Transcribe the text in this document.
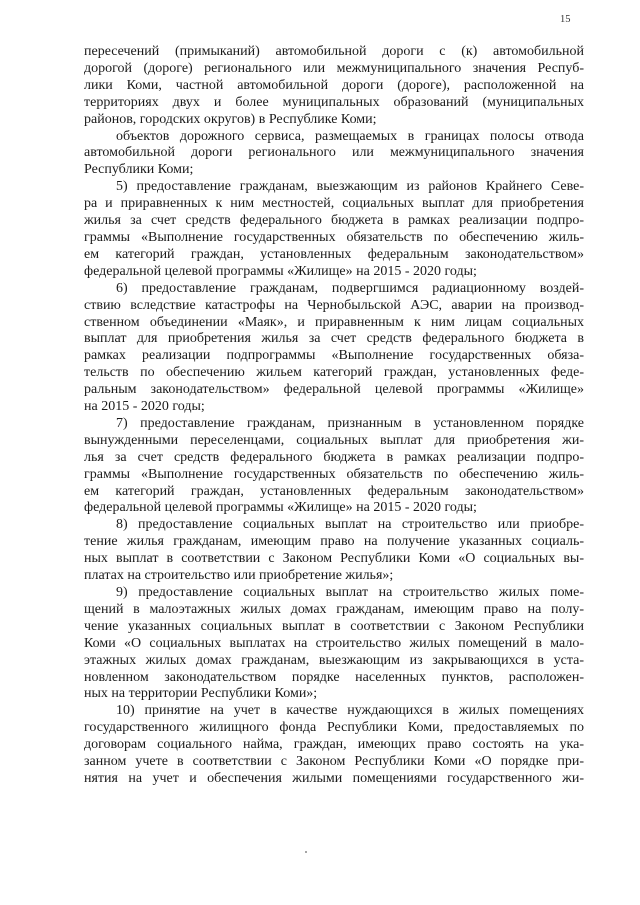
15

пересечений (примыканий) автомобильной дороги с (к) автомобильной
дорогой (дороге) регионального или межмуниципального значения Респуб-
лики Коми, частной автомобильной дороги (дороге), расположенной на
территориях двух и более муниципальных образований (муниципальных
районов, городских округов) в Республике Коми;

объектов дорожного сервиса, размещаемых в границах полосы отвода
автомобильной дороги регионального или межмуниципального значения
Республики Коми;

5) предоставление гражданам, выезжающим из районов Крайнего Севе-
ра и приравненных к ним местностей, социальных выплат для приобретения
жилья за счет средств федерального бюджета в рамках реализации подпро-
граммы «Выполнение государственных обязательств по обеспечению жиль-
ем категорий граждан, установленных федеральным законодательством»
федеральной целевой программы «Жилище» на 2015 - 2020 годы;

6) предоставление гражданам, подвергшимся радиационному воздей-
ствию вследствие катастрофы на Чернобыльской АЭС, аварии на производ-
ственном объединении «Маяк», и приравненным к ним лицам социальных
выплат для приобретения жилья за счет средств федерального бюджета в
рамках реализации подпрограммы «Выполнение государственных обяза-
тельств по обеспечению жильем категорий граждан, установленных феде-
ральным законодательством» федеральной целевой программы «Жилище»
на 2015 - 2020 годы;

7) предоставление гражданам, признанным в установленном порядке
вынужденными переселенцами, социальных выплат для приобретения жи-
лья за счет средств федерального бюджета в рамках реализации подпро-
граммы «Выполнение государственных обязательств по обеспечению жиль-
ем категорий граждан, установленных федеральным законодательством»
федеральной целевой программы «Жилище» на 2015 - 2020 годы;

8) предоставление социальных выплат на строительство или приобре-
тение жилья гражданам, имеющим право на получение указанных социаль-
ных выплат в соответствии с Законом Республики Коми «О социальных вы-
платах на строительство или приобретение жилья»;

9) предоставление социальных выплат на строительство жилых поме-
щений в малоэтажных жилых домах гражданам, имеющим право на полу-
чение указанных социальных выплат в соответствии с Законом Республики
Коми «О социальных выплатах на строительство жилых помещений в мало-
этажных жилых домах гражданам, выезжающим из закрывающихся в уста-
новленном законодательством порядке населенных пунктов, расположен-
ных на территории Республики Коми»;

10) принятие на учет в качестве нуждающихся в жилых помещениях
государственного жилищного фонда Республики Коми, предоставляемых по
договорам социального найма, граждан, имеющих право состоять на ука-
занном учете в соответствии с Законом Республики Коми «О порядке при-
нятия на учет и обеспечения жилыми помещениями государственного жи-
